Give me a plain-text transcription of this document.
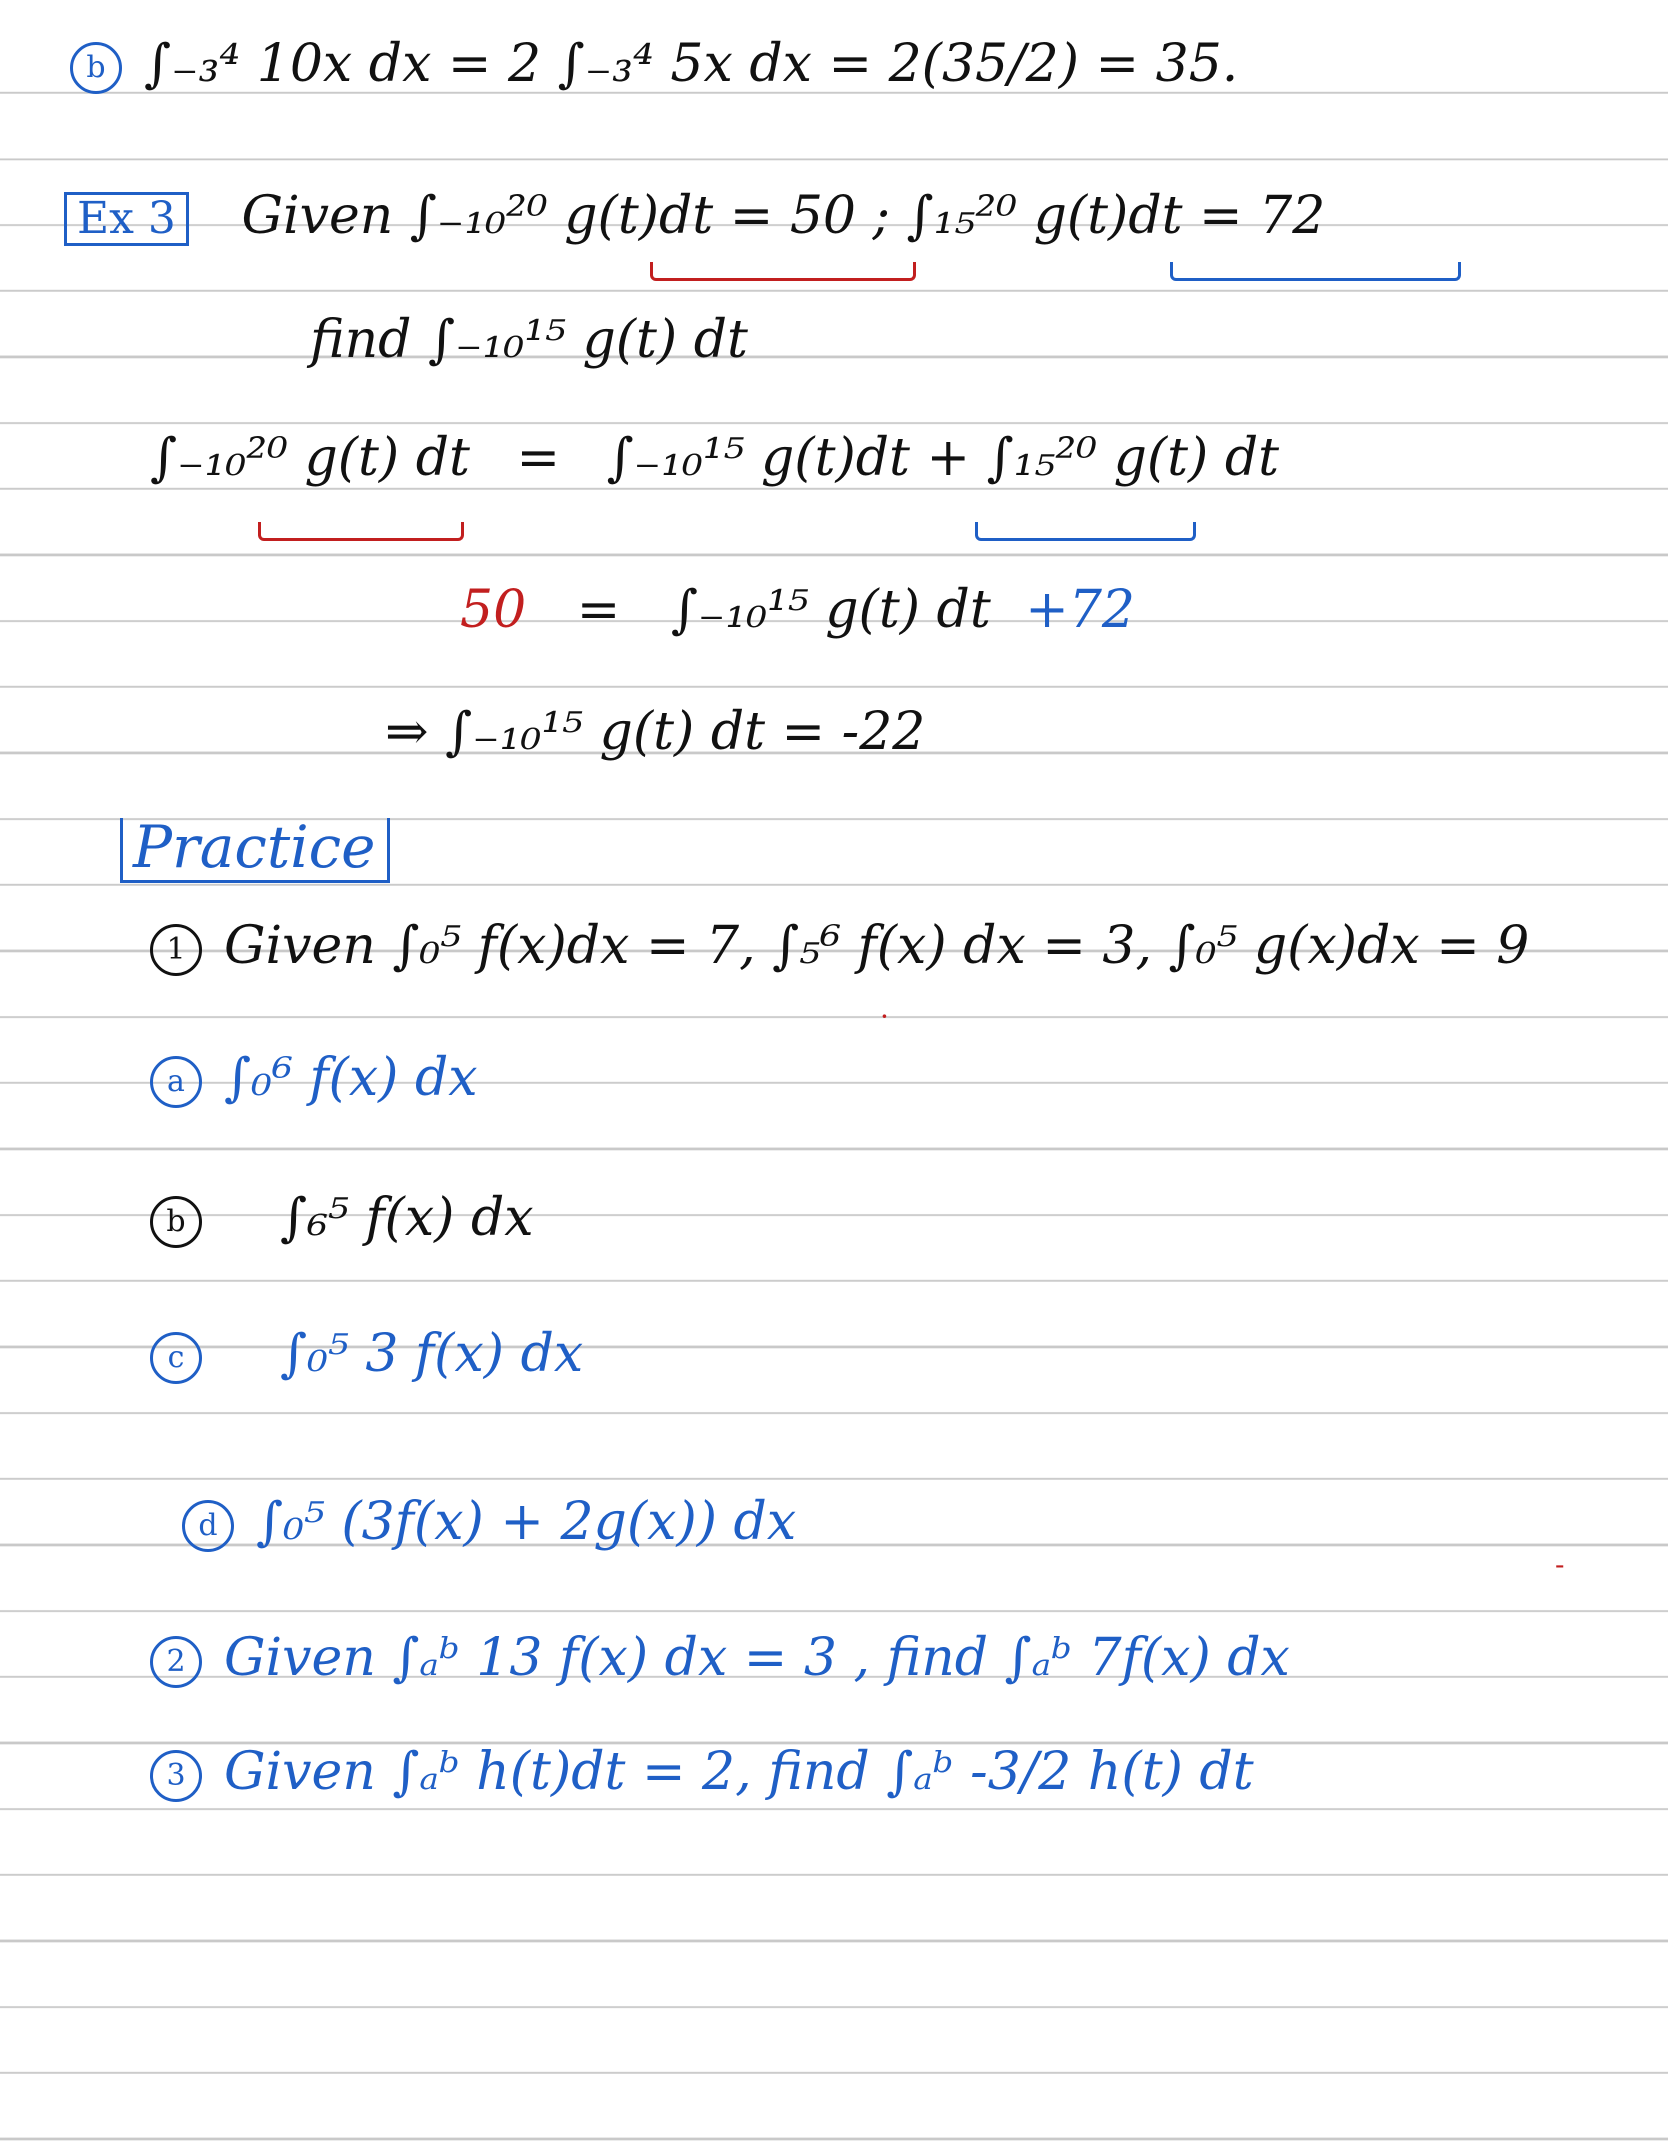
b ∫₋₃⁴ 10x dx = 2 ∫₋₃⁴ 5x dx = 2(35/2) = 35.
Ex 3 Given ∫₋₁₀²⁰ g(t)dt = 50 ; ∫₁₅²⁰ g(t)dt = 72
find ∫₋₁₀¹⁵ g(t) dt
∫₋₁₀²⁰ g(t) dt = ∫₋₁₀¹⁵ g(t)dt + ∫₁₅²⁰ g(t) dt
50 = ∫₋₁₀¹⁵ g(t) dt +72
⇒ ∫₋₁₀¹⁵ g(t) dt = -22
Practice
1 Given ∫₀⁵ f(x)dx = 7, ∫₅⁶ f(x) dx = 3, ∫₀⁵ g(x)dx = 9
·
a ∫₀⁶ f(x) dx
b ∫₆⁵ f(x) dx
c ∫₀⁵ 3 f(x) dx
d ∫₀⁵ (3f(x) + 2g(x)) dx
-
2 Given ∫ₐᵇ 13 f(x) dx = 3 , find ∫ₐᵇ 7f(x) dx
3 Given ∫ₐᵇ h(t)dt = 2, find ∫ₐᵇ -3/2 h(t) dt
